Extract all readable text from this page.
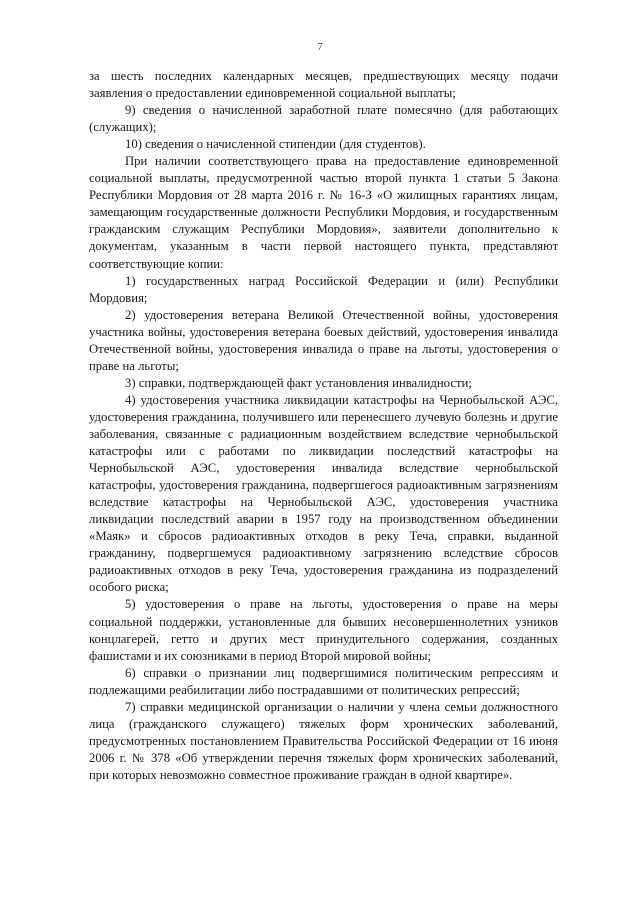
7

за шесть последних календарных месяцев, предшествующих месяцу подачи заявления о предоставлении единовременной социальной выплаты;

9) сведения о начисленной заработной плате помесячно (для работающих (служащих);

10) сведения о начисленной стипендии (для студентов).

При наличии соответствующего права на предоставление единовременной социальной выплаты, предусмотренной частью второй пункта 1 статьи 5 Закона Республики Мордовия от 28 марта 2016 г. № 16-З «О жилищных гарантиях лицам, замещающим государственные должности Республики Мордовия, и государственным гражданским служащим Республики Мордовия», заявители дополнительно к документам, указанным в части первой настоящего пункта, представляют соответствующие копии:

1) государственных наград Российской Федерации и (или) Республики Мордовия;

2) удостоверения ветерана Великой Отечественной войны, удостоверения участника войны, удостоверения ветерана боевых действий, удостоверения инвалида Отечественной войны, удостоверения инвалида о праве на льготы, удостоверения о праве на льготы;

3) справки, подтверждающей факт установления инвалидности;

4) удостоверения участника ликвидации катастрофы на Чернобыльской АЭС, удостоверения гражданина, получившего или перенесшего лучевую болезнь и другие заболевания, связанные с радиационным воздействием вследствие чернобыльской катастрофы или с работами по ликвидации последствий катастрофы на Чернобыльской АЭС, удостоверения инвалида вследствие чернобыльской катастрофы, удостоверения гражданина, подвергшегося радиоактивным загрязнениям вследствие катастрофы на Чернобыльской АЭС, удостоверения участника ликвидации последствий аварии в 1957 году на производственном объединении «Маяк» и сбросов радиоактивных отходов в реку Теча, справки, выданной гражданину, подвергшемуся радиоактивному загрязнению вследствие сбросов радиоактивных отходов в реку Теча, удостоверения гражданина из подразделений особого риска;

5) удостоверения о праве на льготы, удостоверения о праве на меры социальной поддержки, установленные для бывших несовершеннолетних узников концлагерей, гетто и других мест принудительного содержания, созданных фашистами и их союзниками в период Второй мировой войны;

6) справки о признании лиц подвергшимися политическим репрессиям и подлежащими реабилитации либо пострадавшими от политических репрессий;

7) справки медицинской организации о наличии у члена семьи должностного лица (гражданского служащего) тяжелых форм хронических заболеваний, предусмотренных постановлением Правительства Российской Федерации от 16 июня 2006 г. № 378 «Об утверждении перечня тяжелых форм хронических заболеваний, при которых невозможно совместное проживание граждан в одной квартире».
